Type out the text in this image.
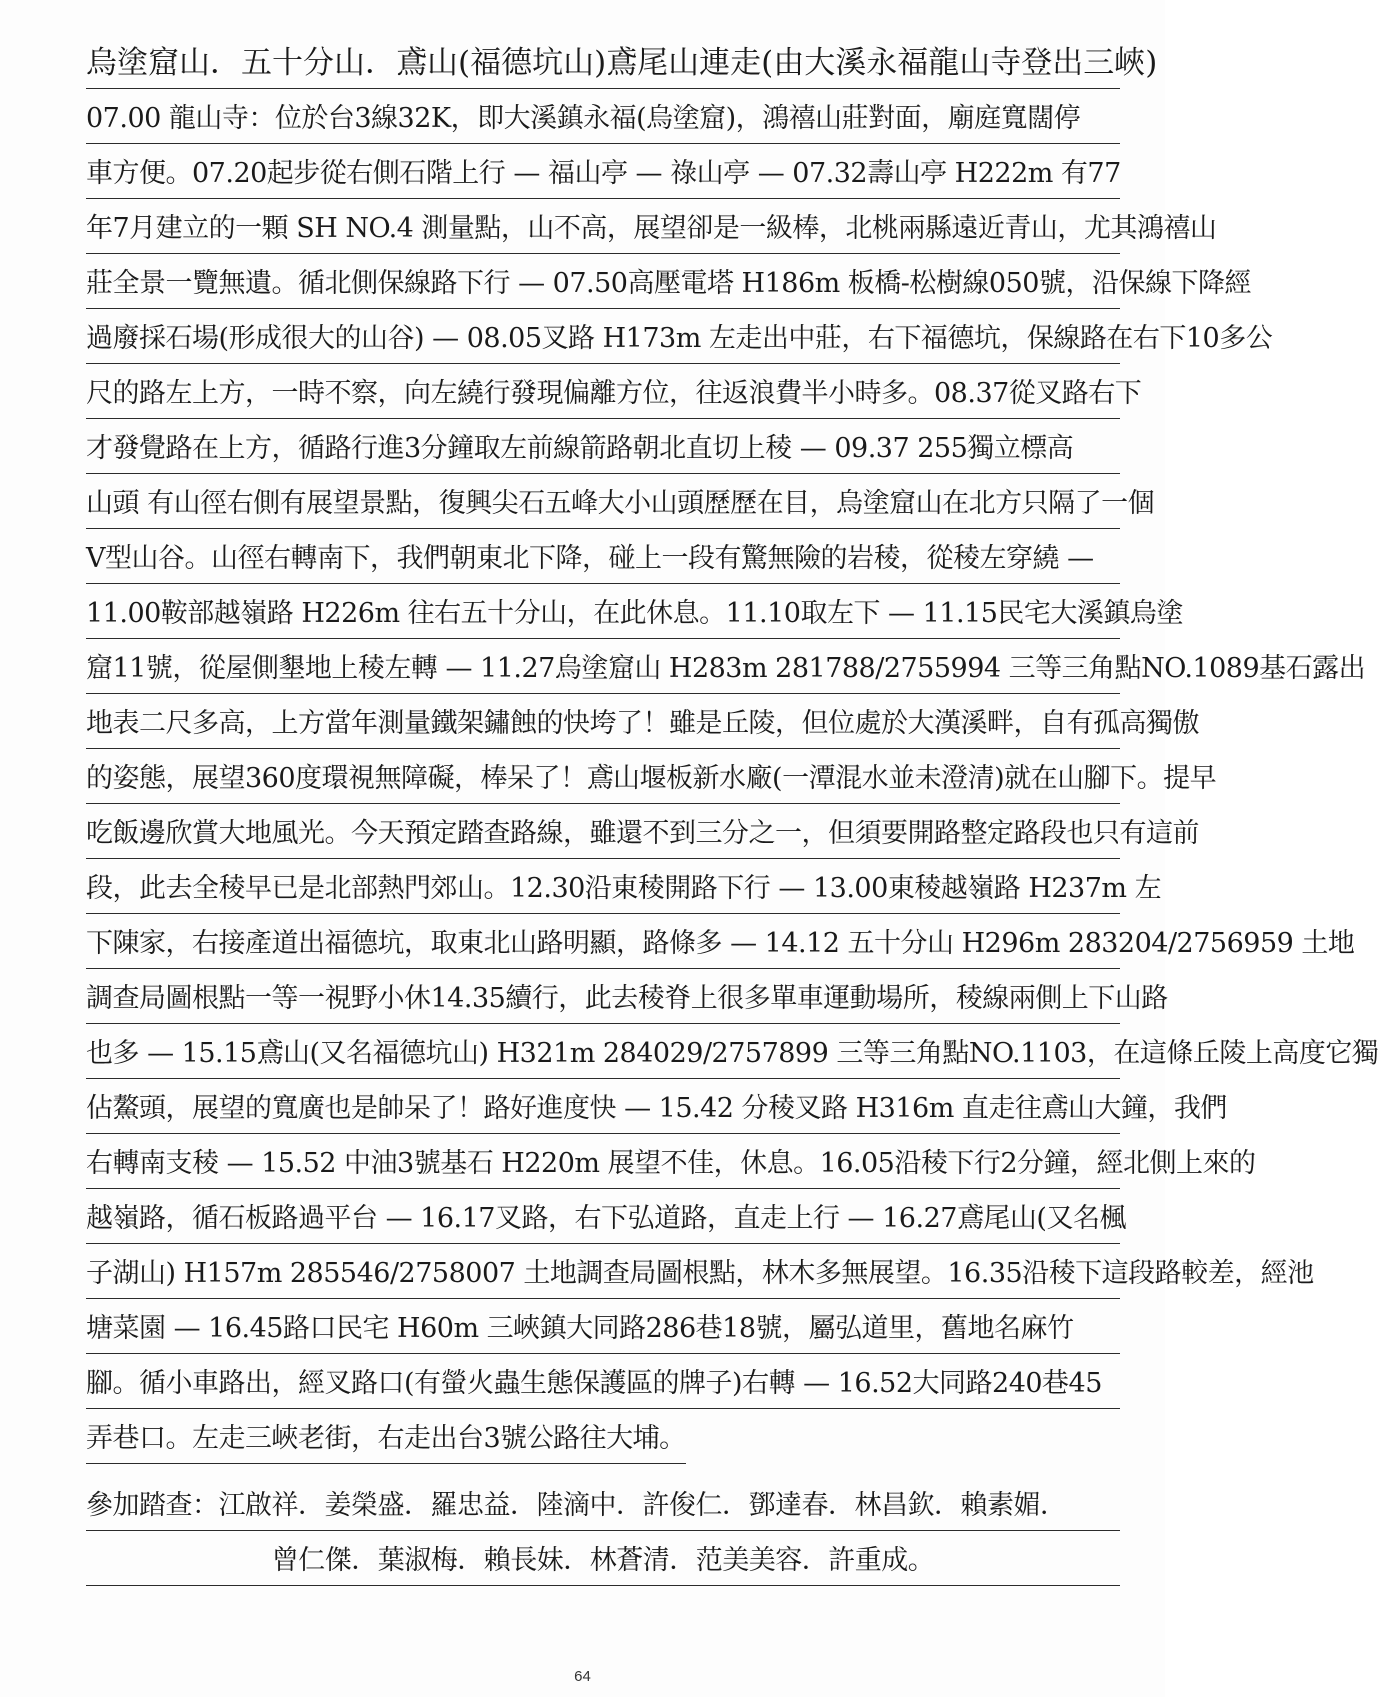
烏塗窟山．五十分山．鳶山(福德坑山)鳶尾山連走(由大溪永福龍山寺登出三峽)
07.00 龍山寺：位於台3線32K，即大溪鎮永福(烏塗窟)，鴻禧山莊對面，廟庭寬闊停
車方便。07.20起步從右側石階上行 — 福山亭 — 祿山亭 — 07.32壽山亭 H222m 有77
年7月建立的一顆 SH NO.4 測量點，山不高，展望卻是一級棒，北桃兩縣遠近青山，尤其鴻禧山
莊全景一覽無遺。循北側保線路下行 — 07.50高壓電塔 H186m 板橋-松樹線050號，沿保線下降經
過廢採石場(形成很大的山谷) — 08.05叉路 H173m 左走出中莊，右下福德坑，保線路在右下10多公
尺的路左上方，一時不察，向左繞行發現偏離方位，往返浪費半小時多。08.37從叉路右下
才發覺路在上方，循路行進3分鐘取左前線箭路朝北直切上稜 — 09.37 255獨立標高
山頭 有山徑右側有展望景點，復興尖石五峰大小山頭歷歷在目，烏塗窟山在北方只隔了一個
V型山谷。山徑右轉南下，我們朝東北下降，碰上一段有驚無險的岩稜，從稜左穿繞 —
11.00鞍部越嶺路 H226m 往右五十分山，在此休息。11.10取左下 — 11.15民宅大溪鎮烏塗
窟11號，從屋側墾地上稜左轉 — 11.27烏塗窟山 H283m 281788/2755994 三等三角點NO.1089基石露出
地表二尺多高，上方當年測量鐵架鏽蝕的快垮了！雖是丘陵，但位處於大漢溪畔，自有孤高獨傲
的姿態，展望360度環視無障礙，棒呆了！鳶山堰板新水廠(一潭混水並未澄清)就在山腳下。提早
吃飯邊欣賞大地風光。今天預定踏查路線，雖還不到三分之一，但須要開路整定路段也只有這前
段，此去全稜早已是北部熱門郊山。12.30沿東稜開路下行 — 13.00東稜越嶺路 H237m 左
下陳家，右接產道出福德坑，取東北山路明顯，路條多 — 14.12 五十分山 H296m 283204/2756959 土地
調查局圖根點一等一視野小休14.35續行，此去稜脊上很多單車運動場所，稜線兩側上下山路
也多 — 15.15鳶山(又名福德坑山) H321m 284029/2757899 三等三角點NO.1103，在這條丘陵上高度它獨
佔鰲頭，展望的寬廣也是帥呆了！路好進度快 — 15.42 分稜叉路 H316m 直走往鳶山大鐘，我們
右轉南支稜 — 15.52 中油3號基石 H220m 展望不佳，休息。16.05沿稜下行2分鐘，經北側上來的
越嶺路，循石板路過平台 — 16.17叉路，右下弘道路，直走上行 — 16.27鳶尾山(又名楓
子湖山) H157m 285546/2758007 土地調查局圖根點，林木多無展望。16.35沿稜下這段路較差，經池
塘菜園 — 16.45路口民宅 H60m 三峽鎮大同路286巷18號，屬弘道里，舊地名麻竹
腳。循小車路出，經叉路口(有螢火蟲生態保護區的牌子)右轉 — 16.52大同路240巷45
弄巷口。左走三峽老街，右走出台3號公路往大埔。
參加踏查：江啟祥．姜榮盛．羅忠益．陸滴中．許俊仁．鄧達春．林昌欽．賴素媚．
曾仁傑．葉淑梅．賴長妹．林蒼清．范美美容．許重成。
64
